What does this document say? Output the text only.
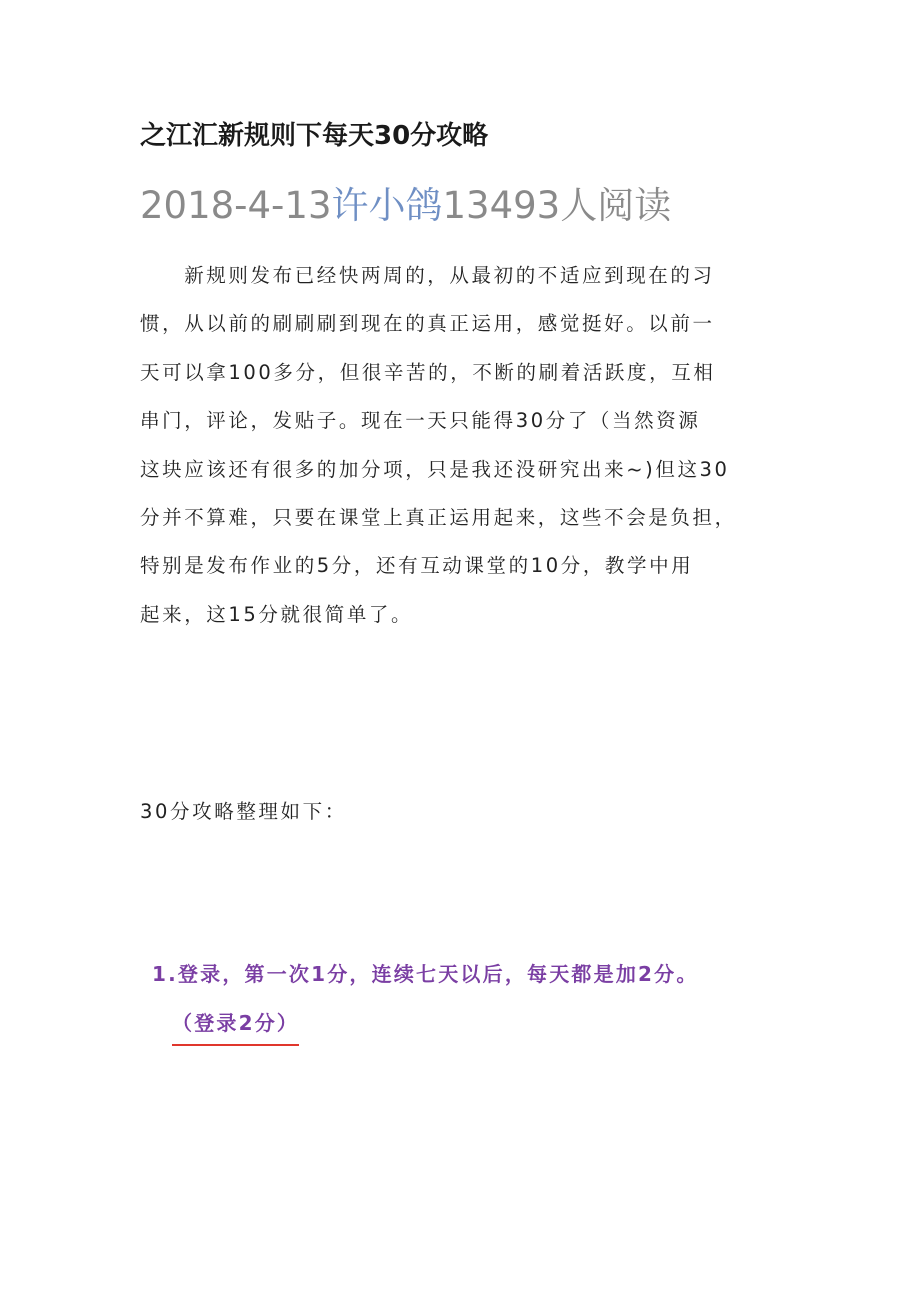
之江汇新规则下每天30分攻略
2018-4-13许小鸽13493人阅读

　　新规则发布已经快两周的，从最初的不适应到现在的习
惯，从以前的刷刷刷到现在的真正运用，感觉挺好。以前一
天可以拿100多分，但很辛苦的，不断的刷着活跃度，互相
串门，评论，发贴子。现在一天只能得30分了（当然资源
这块应该还有很多的加分项，只是我还没研究出来~)但这30
分并不算难，只要在课堂上真正运用起来，这些不会是负担，
特别是发布作业的5分，还有互动课堂的10分，教学中用
起来，这15分就很简单了。

30分攻略整理如下：

1.登录，第一次1分，连续七天以后，每天都是加2分。
（登录2分）
